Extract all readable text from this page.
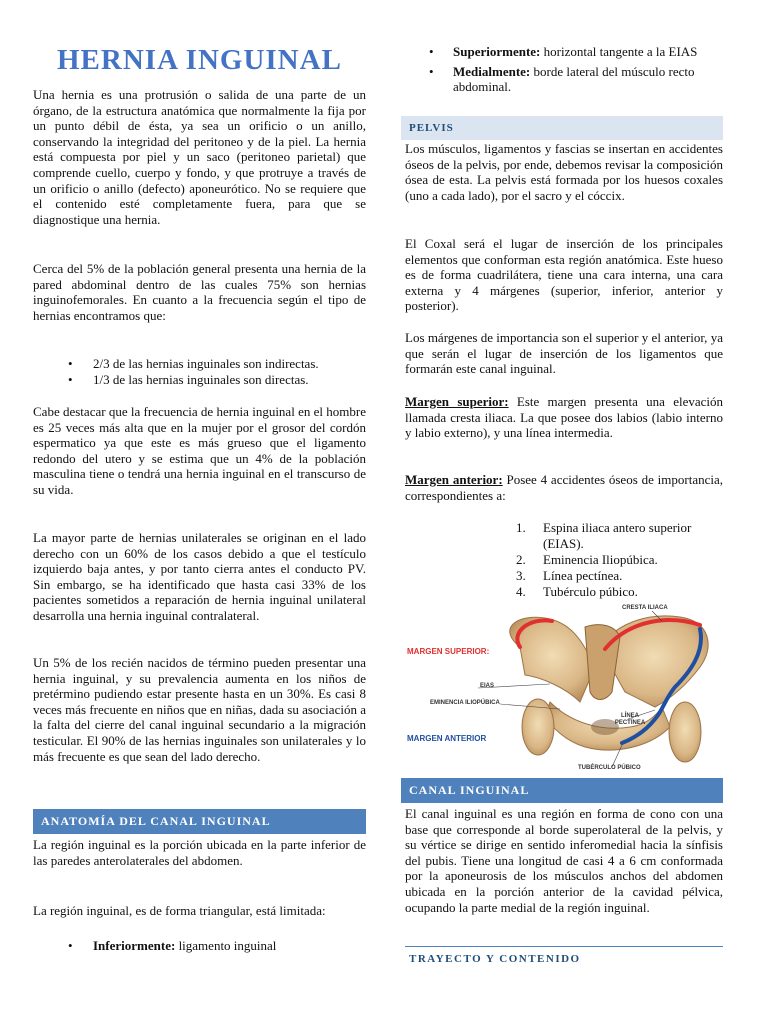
HERNIA INGUINAL

Una hernia es una protrusión o salida de una parte de un órgano, de la estructura anatómica que normalmente la fija por un punto débil de ésta, ya sea un orificio o un anillo, conservando la integridad del peritoneo y de la piel. La hernia está compuesta por piel y un saco (peritoneo parietal) que comprende cuello, cuerpo y fondo, y que protruye a través de un orificio o anillo (defecto) aponeurótico. No se requiere que el contenido esté completamente fuera, para que se diagnostique una hernia.

Cerca del 5% de la población general presenta una hernia de la pared abdominal dentro de las cuales 75% son hernias inguinofemorales. En cuanto a la frecuencia según el tipo de hernias encontramos que:

• 2/3 de las hernias inguinales son indirectas.
• 1/3 de las hernias inguinales son directas.

Cabe destacar que la frecuencia de hernia inguinal en el hombre es 25 veces más alta que en la mujer por el grosor del cordón espermatico ya que este es más grueso que el ligamento redondo del utero y se estima que un 4% de la población masculina tiene o tendrá una hernia inguinal en el transcurso de su vida.

La mayor parte de hernias unilaterales se originan en el lado derecho con un 60% de los casos debido a que el testículo izquierdo baja antes, y por tanto cierra antes el conducto PV. Sin embargo, se ha identificado que hasta casi 33% de los pacientes sometidos a reparación de hernia inguinal unilateral desarrolla una hernia inguinal contralateral.

Un 5% de los recién nacidos de término pueden presentar una hernia inguinal, y su prevalencia aumenta en los niños de pretérmino pudiendo estar presente hasta en un 30%. Es casi 8 veces más frecuente en niños que en niñas, dada su asociación a la falta del cierre del canal inguinal secundario a la migración testicular. El 90% de las hernias inguinales son unilaterales y lo más frecuente es que sean del lado derecho.

ANATOMÍA DEL CANAL INGUINAL

La región inguinal es la porción ubicada en la parte inferior de las paredes anterolaterales del abdomen.

La región inguinal, es de forma triangular, está limitada:

• Inferiormente: ligamento inguinal
• Superiormente: horizontal tangente a la EIAS
• Medialmente: borde lateral del músculo recto abdominal.
PELVIS

Los músculos, ligamentos y fascias se insertan en accidentes óseos de la pelvis, por ende, debemos revisar la composición ósea de esta. La pelvis está formada por los huesos coxales (uno a cada lado), por el sacro y el cóccix.

El Coxal será el lugar de inserción de los principales elementos que conforman esta región anatómica. Este hueso es de forma cuadrilátera, tiene una cara interna, una cara externa y 4 márgenes (superior, inferior, anterior y posterior).

Los márgenes de importancia son el superior y el anterior, ya que serán el lugar de inserción de los ligamentos que formarán este canal inguinal.

Margen superior: Este margen presenta una elevación llamada cresta iliaca. La que posee dos labios (labio interno y labio externo), y una línea intermedia.

Margen anterior: Posee 4 accidentes óseos de importancia, correspondientes a:

1. Espina iliaca antero superior (EIAS).
2. Eminencia Iliopúbica.
3. Línea pectínea.
4. Tubérculo púbico.
CRESTA ILIACA
MARGEN SUPERIOR:
EIAS
EMINENCIA ILIOPÚBICA
LÍNEA PECTÍNEA
MARGEN ANTERIOR
TUBÉRCULO PÚBICO
CANAL INGUINAL

El canal inguinal es una región en forma de cono con una base que corresponde al borde superolateral de la pelvis, y su vértice se dirige en sentido inferomedial hacia la sínfisis del pubis. Tiene una longitud de casi 4 a 6 cm conformada por la aponeurosis de los músculos anchos del abdomen ubicada en la porción anterior de la cavidad pélvica, ocupando la parte medial de la región inguinal.

TRAYECTO Y CONTENIDO
